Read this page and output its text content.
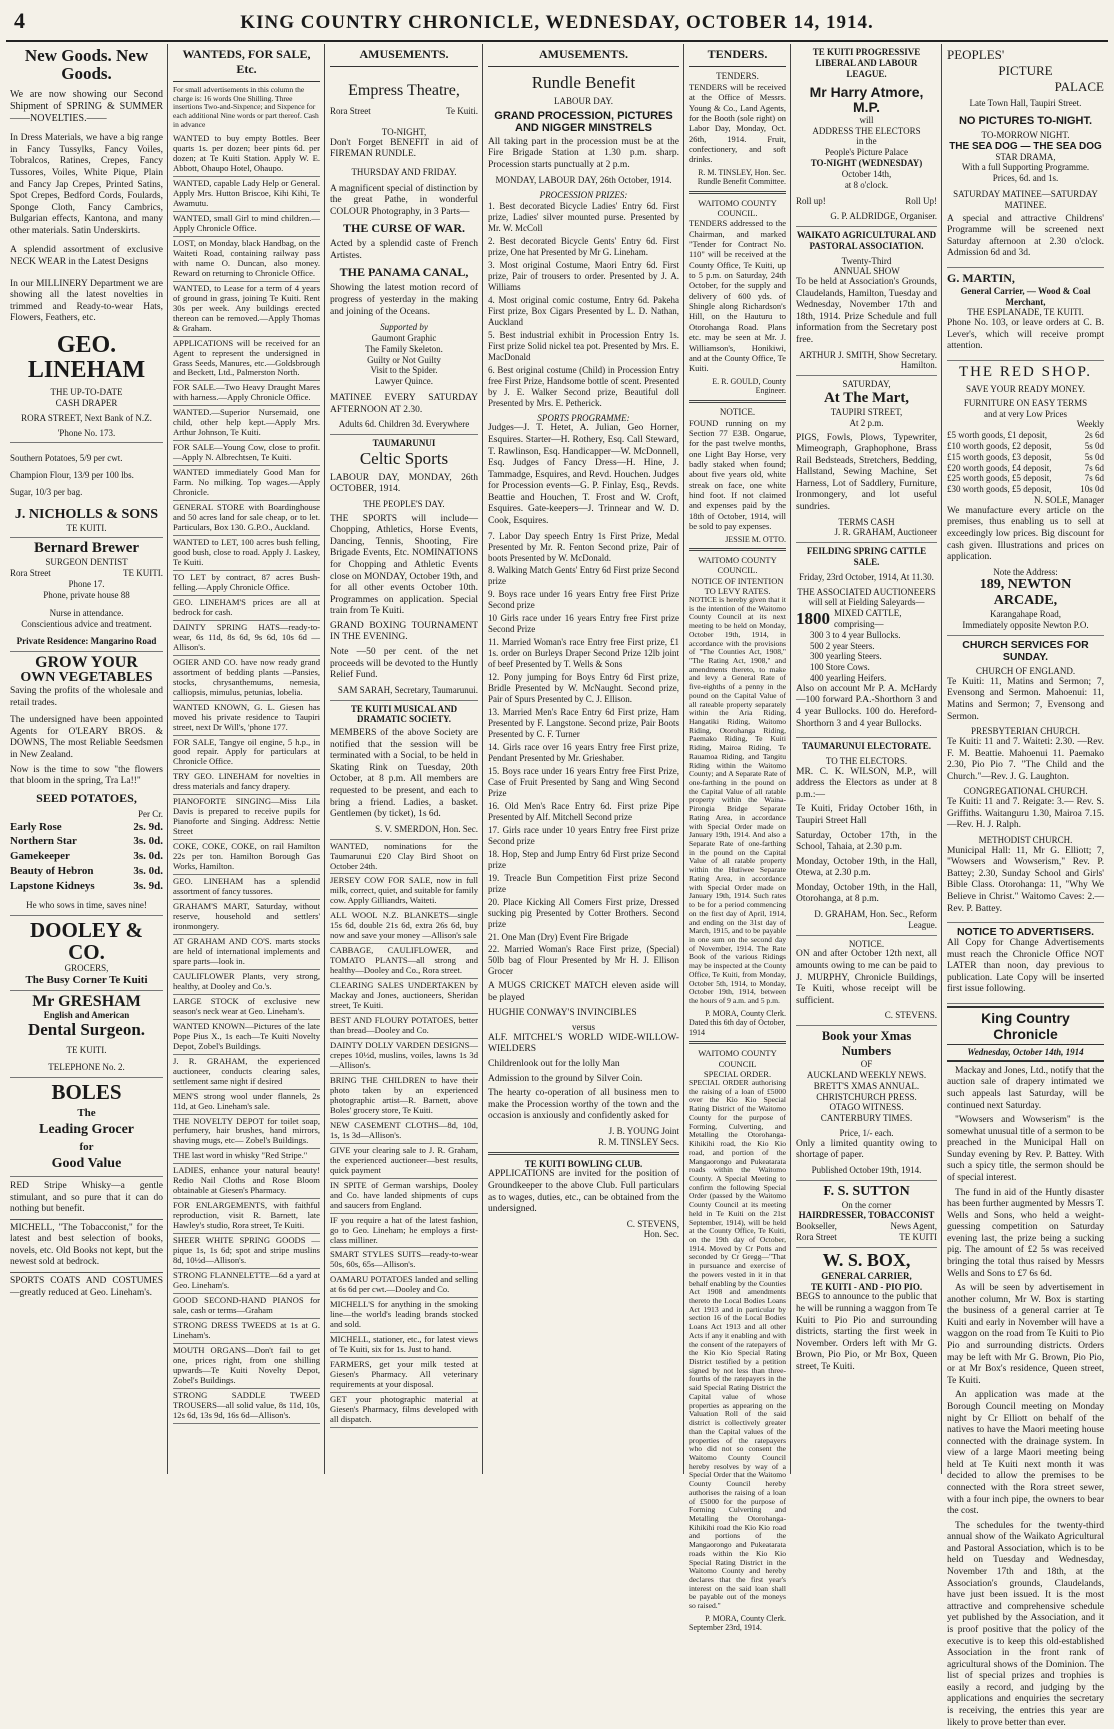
4	KING COUNTRY CHRONICLE, WEDNESDAY, OCTOBER 14, 1914.
New Goods. New Goods.
We are now showing our Second Shipment of SPRING & SUMMER ——NOVELTIES.——
In Dress Materials, we have a big range in Fancy Tussylks, Fancy Voiles, Tobralcos, Ratines, Crepes, Fancy Tussores, Voiles, White Pique, Plain and Fancy Jap Crepes, Printed Satins, Spot Crepes, Bedford Cords, Foulards, Sponge Cloth, Fancy Cambrics, Bulgarian effects, Kantona, and many other materials. Satin Underskirts.
A splendid assortment of exclusive NECK WEAR in the Latest Designs
In our MILLINERY Department we are showing all the latest novelties in trimmed and Ready-to-wear Hats, Flowers, Feathers, etc.
GEO. LINEHAM
THE UP-TO-DATE
CASH DRAPER
RORA STREET, Next Bank of N.Z.
'Phone No. 173.
Southern Potatoes, 5/9 per cwt.
Champion Flour, 13/9 per 100 lbs.
Sugar, 10/3 per bag.
J. NICHOLLS & SONS
TE KUITI.
Bernard Brewer
SURGEON DENTIST
Rora Street	TE KUITI.
Phone 17.
Phone, private house 88
Nurse in attendance.
Conscientious advice and treatment.
Private Residence: Mangarino Road
GROW YOUR
OWN VEGETABLES
Saving the profits of the wholesale and retail trades.
The undersigned have been appointed Agents for O'LEARY BROS. & DOWNS, The most Reliable Seedsmen in New Zealand.
Now is the time to sow "the flowers that bloom in the spring, Tra La!!"
SEED POTATOES,
Per Cr.
Early Rose	2s. 9d.
Northern Star	3s. 0d.
Gamekeeper	3s. 0d.
Beauty of Hebron	3s. 0d.
Lapstone Kidneys	3s. 9d.
He who sows in time, saves nine!
DOOLEY & CO.
GROCERS,
The Busy Corner Te Kuiti
Mr GRESHAM
English and American
Dental Surgeon.
TE KUITI.
TELEPHONE No. 2.
BOLES
The
Leading Grocer
for
Good Value
RED Stripe Whisky—a gentle stimulant, and so pure that it can do nothing but benefit.
MICHELL, "The Tobacconist," for the latest and best selection of books, novels, etc. Old Books not kept, but the newest sold at bedrock.
SPORTS COATS AND COSTUMES —greatly reduced at Geo. Lineham's.
WANTEDS, FOR SALE, Etc.
For small advertisements in this column the charge is: 16 words One Shilling. Three insertions Two-and-Sixpence; and Sixpence for each additional Nine words or part thereof. Cash in advance
WANTED to buy empty Bottles. Beer quarts 1s. per dozen; beer pints 6d. per dozen; at Te Kuiti Station. Apply W. E. Abbott, Ohaupo Hotel, Ohaupo.
WANTED, capable Lady Help or General. Apply Mrs. Hutton Briscoe, Kihi Kihi, Te Awamutu.
WANTED, small Girl to mind children.—Apply Chronicle Office.
LOST, on Monday, black Handbag, on the Waiteti Road, containing railway pass with name O. Duncan, also money. Reward on returning to Chronicle Office.
WANTED, to Lease for a term of 4 years of ground in grass, joining Te Kuiti. Rent 30s per week. Any buildings erected thereon can be removed.—Apply Thomas & Graham.
APPLICATIONS will be received for an Agent to represent the undersigned in Grass Seeds, Manures, etc.—Goldsbrough and Beckett, Ltd., Palmerston North.
FOR SALE.—Two Heavy Draught Mares with harness.—Apply Chronicle Office.
WANTED.—Superior Nursemaid, one child, other help kept.—Apply Mrs. Arthur Johnson, Te Kuiti.
FOR SALE—Young Cow, close to profit.—Apply N. Albrechtsen, Te Kuiti.
WANTED immediately Good Man for Farm. No milking. Top wages.—Apply Chronicle.
GENERAL STORE with Boardinghouse and 50 acres land for sale cheap, or to let. Particulars, Box 130. G.P.O., Auckland.
WANTED to LET, 100 acres bush felling, good bush, close to road. Apply J. Laskey, Te Kuiti.
TO LET by contract, 87 acres Bush-felling.—Apply Chronicle Office.
GEO. LINEHAM'S prices are all at bedrock for cash.
DAINTY SPRING HATS—ready-to-wear, 6s 11d, 8s 6d, 9s 6d, 10s 6d —Allison's.
OGIER AND CO. have now ready grand assortment of bedding plants —Pansies, stocks, chrysanthemums, nemesia, calliopsis, mimulus, petunias, lobelia.
WANTED KNOWN, G. L. Giesen has moved his private residence to Taupiri street, next Dr Will's, 'phone 177.
FOR SALE, Tangye oil engine, 5 h.p., in good repair. Apply for particulars at Chronicle Office.
TRY GEO. LINEHAM for novelties in dress materials and fancy drapery.
PIANOFORTE SINGING—Miss Lila Davis is prepared to receive pupils for Pianoforte and Singing. Address: Nettie Street
COKE, COKE, COKE, on rail Hamilton 22s per ton. Hamilton Borough Gas Works, Hamilton.
GEO. LINEHAM has a splendid assortment of fancy tussores.
GRAHAM'S MART, Saturday, without reserve, household and settlers' ironmongery.
AT GRAHAM AND CO'S. marts stocks are held of international implements and spare parts—look in.
CAULIFLOWER Plants, very strong, healthy, at Dooley and Co.'s.
LARGE STOCK of exclusive new season's neck wear at Geo. Lineham's.
WANTED KNOWN—Pictures of the late Pope Pius X., 1s each—Te Kuiti Novelty Depot, Zobel's Buildings.
J. R. GRAHAM, the experienced auctioneer, conducts clearing sales, settlement same night if desired
MEN'S strong wool under flannels, 2s 11d, at Geo. Lineham's sale.
THE NOVELTY DEPOT for toilet soap, perfumery, hair brushes, hand mirrors, shaving mugs, etc— Zobel's Buildings.
THE last word in whisky "Red Stripe."
LADIES, enhance your natural beauty! Redio Nail Cloths and Rose Bloom obtainable at Giesen's Pharmacy.
FOR ENLARGEMENTS, with faithful reproduction, visit R. Barnett, late Hawley's studio, Rora street, Te Kuiti.
SHEER WHITE SPRING GOODS —pique 1s, 1s 6d; spot and stripe muslins 8d, 10½d—Allison's.
STRONG FLANNELETTE—6d a yard at Geo. Lineham's.
GOOD SECOND-HAND PIANOS for sale, cash or terms—Graham
STRONG DRESS TWEEDS at 1s at G. Lineham's.
MOUTH ORGANS—Don't fail to get one, prices right, from one shilling upwards—Te Kuiti Novelty Depot, Zobel's Buildings.
STRONG SADDLE TWEED TROUSERS—all solid value, 8s 11d, 10s, 12s 6d, 13s 9d, 16s 6d—Allison's.
AMUSEMENTS.
Empress Theatre,
Rora Street	Te Kuiti.
TO-NIGHT,
Don't Forget BENEFIT in aid of FIREMAN RUNDLE.
THURSDAY AND FRIDAY.
A magnificent special of distinction by the great Pathe, in wonderful COLOUR Photography, in 3 Parts—
THE CURSE OF WAR.
Acted by a splendid caste of French Artistes.
THE PANAMA CANAL,
Showing the latest motion record of progress of yesterday in the making and joining of the Oceans.
Supported by
Gaumont Graphic
The Family Skeleton.
Guilty or Not Guilty
Visit to the Spider.
Lawyer Quince.
MATINEE EVERY SATURDAY AFTERNOON AT 2.30.
Adults 6d. Children 3d. Everywhere
TAUMARUNUI
Celtic Sports
LABOUR DAY, MONDAY, 26th OCTOBER, 1914.
THE PEOPLE'S DAY.
THE SPORTS will include—Chopping, Athletics, Horse Events, Dancing, Tennis, Shooting, Fire Brigade Events, Etc. NOMINATIONS for Chopping and Athletic Events close on MONDAY, October 19th, and for all other events October 10th. Programmes on application. Special train from Te Kuiti.
GRAND BOXING TOURNAMENT IN THE EVENING.
Note —50 per cent. of the net proceeds will be devoted to the Huntly Relief Fund.
SAM SARAH, Secretary, Taumarunui.
TE KUITI MUSICAL AND DRAMATIC SOCIETY.
MEMBERS of the above Society are notified that the session will be terminated with a Social, to be held in Skating Rink on Tuesday, 20th October, at 8 p.m. All members are requested to be present, and each to bring a friend. Ladies, a basket. Gentlemen (by ticket), 1s 6d.
S. V. SMERDON, Hon. Sec.
WANTED, nominations for the Taumarunui £20 Clay Bird Shoot on October 24th.
JERSEY COW FOR SALE, now in full milk, correct, quiet, and suitable for family cow. Apply Gilliandrs, Waiteti.
ALL WOOL N.Z. BLANKETS—single 15s 6d, double 21s 6d, extra 26s 6d, buy now and save your money —Allison's sale
CABBAGE, CAULIFLOWER, and TOMATO PLANTS—all strong and healthy—Dooley and Co., Rora street.
CLEARING SALES UNDERTAKEN by Mackay and Jones, auctioneers, Sheridan street, Te Kuiti.
BEST AND FLOURY POTATOES, better than bread—Dooley and Co.
DAINTY DOLLY VARDEN DESIGNS—crepes 10½d, muslins, voiles, lawns 1s 3d—Allison's.
BRING THE CHILDREN to have their photo taken by an experienced photographic artist—R. Barnett, above Boles' grocery store, Te Kuiti.
NEW CASEMENT CLOTHS—8d, 10d, 1s, 1s 3d—Allison's.
GIVE your clearing sale to J. R. Graham, the experienced auctioneer—best results, quick payment
IN SPITE of German warships, Dooley and Co. have landed shipments of cups and saucers from England.
IF you require a hat of the latest fashion, go to Geo. Lineham; he employs a first-class milliner.
SMART STYLES SUITS—ready-to-wear 50s, 60s, 65s—Allison's.
OAMARU POTATOES landed and selling at 6s 6d per cwt.—Dooley and Co.
MICHELL'S for anything in the smoking line—the world's leading brands stocked and sold.
MICHELL, stationer, etc., for latest views of Te Kuiti, six for 1s. Just to hand.
FARMERS, get your milk tested at Giesen's Pharmacy. All veterinary requirements at your disposal.
GET your photographic material at Giesen's Pharmacy, films developed with all dispatch.
AMUSEMENTS.
Rundle Benefit
LABOUR DAY.
GRAND PROCESSION, PICTURES AND NIGGER MINSTRELS
All taking part in the procession must be at the Fire Brigade Station at 1.30 p.m. sharp. Procession starts punctually at 2 p.m.
MONDAY, LABOUR DAY, 26th October, 1914.
PROCESSION PRIZES:
1. Best decorated Bicycle Ladies' Entry 6d. First prize, Ladies' silver mounted purse. Presented by Mr. W. McColl
2. Best decorated Bicycle Gents' Entry 6d. First prize, One hat Presented by Mr G. Lineham.
3. Most original Costume, Maori Entry 6d. First prize, Pair of trousers to order. Presented by J. A. Williams
4. Most original comic costume, Entry 6d. Pakeha First prize, Box Cigars Presented by L. D. Nathan, Auckland
5. Best industrial exhibit in Procession Entry 1s. First prize Solid nickel tea pot. Presented by Mrs. E. MacDonald
6. Best original costume (Child) in Procession Entry free First Prize, Handsome bottle of scent. Presented by J. E. Walker Second prize, Beautiful doll Presented by Mrs. E. Petherick.
SPORTS PROGRAMME:
Judges—J. T. Hetet, A. Julian, Geo Horner, Esquires. Starter—H. Rothery, Esq. Call Steward, T. Rawlinson, Esq. Handicapper—W. McDonnell, Esq. Judges of Fancy Dress—H. Hine, J. Tammadge, Esquires, and Revd. Houchen. Judges for Procession events—G. P. Finlay, Esq., Revds. Beattie and Houchen, T. Frost and W. Croft, Esquires. Gate-keepers—J. Trinnear and W. D. Cook, Esquires.
7. Labor Day speech Entry 1s First Prize, Medal Presented by Mr. R. Fenton Second prize, Pair of boots Presented by W. McDonald.
8. Walking Match Gents' Entry 6d First prize Second prize
9. Boys race under 16 years Entry free First Prize Second prize
10 Girls race under 16 years Entry free First prize Second Prize
11. Married Woman's race Entry free First prize, £1 1s. order on Burleys Draper Second Prize 12lb joint of beef Presented by T. Wells & Sons
12. Pony jumping for Boys Entry 6d First prize, Bridle Presented by W. McNaught. Second prize, Pair of Spurs Presented by C. J. Ellison.
13. Married Men's Race Entry 6d First prize, Ham Presented by F. Langstone. Second prize, Pair Boots Presented by C. F. Turner
14. Girls race over 16 years Entry free First prize, Pendant Presented by Mr. Grieshaber.
15. Boys race under 16 years Entry free First Prize, Case of Fruit Presented by Sang and Wing Second Prize
16. Old Men's Race Entry 6d. First prize Pipe Presented by Alf. Mitchell Second prize
17. Girls race under 10 years Entry free First prize Second prize
18. Hop, Step and Jump Entry 6d First prize Second prize
19. Treacle Bun Competition First prize Second prize
20. Place Kicking All Comers First prize, Dressed sucking pig Presented by Cotter Brothers. Second prize
21. One Man (Dry) Event Fire Brigade
22. Married Woman's Race First prize, (Special) 50lb bag of Flour Presented by Mr H. J. Ellison Grocer
A MUGS CRICKET MATCH eleven aside will be played
HUGHIE CONWAY'S INVINCIBLES
versus
ALF. MITCHEL'S WORLD WIDE-WILLOW-WIELDERS
Childrenlook out for the lolly Man
Admission to the ground by Silver Coin.
The hearty co-operation of all business men to make the Procession worthy of the town and the occasion is anxiously and confidently asked for
J. B. YOUNG Joint
R. M. TINSLEY Secs.
TE KUITI BOWLING CLUB.
APPLICATIONS are invited for the position of Groundkeeper to the above Club. Full particulars as to wages, duties, etc., can be obtained from the undersigned.
C. STEVENS,
Hon. Sec.
TENDERS.
TENDERS.
TENDERS will be received at the Office of Messrs. Young & Co., Land Agents, for the Booth (sole right) on Labor Day, Monday, Oct. 26th, 1914. Fruit, confectionery, and soft drinks.
R. M. TINSLEY, Hon. Sec. Rundle Benefit Committee.
WAITOMO COUNTY COUNCIL.
TENDERS addressed to the Chairman, and marked "Tender for Contract No. 110" will be received at the County Office, Te Kuiti, up to 5 p.m. on Saturday, 24th October, for the supply and delivery of 600 yds. of Shingle along Richardson's Hill, on the Hauturu to Otorohanga Road. Plans etc. may be seen at Mr. J. Williamson's, Honikiwi, and at the County Office, Te Kuiti.
E. R. GOULD, County Engineer.
NOTICE.
FOUND running on my Section 77 E3B. Ongarue, for the past twelve months, one Light Bay Horse, very badly staked when found; about five years old, white streak on face, one white hind foot. If not claimed and expenses paid by the 18th of October, 1914, will be sold to pay expenses.
JESSIE M. OTTO.
WAITOMO COUNTY COUNCIL.
NOTICE OF INTENTION TO LEVY RATES.
NOTICE is hereby given that it is the intention of the Waitomo County Council at its next meeting to be held on Monday, October 19th, 1914, in accordance with the provisions of "The Counties Act, 1908," "The Rating Act, 1908," and amendments thereto, to make and levy a General Rate of five-eighths of a penny in the pound on the Capital Value of all rateable property separately within the Aria Riding, Hangatiki Riding, Waitomo Riding, Otorohanga Riding, Paemako Riding, Te Kuiti Riding, Mairoa Riding, Te Rauamoa Riding, and Tangitu Riding within the Waitomo County; and A Separate Rate of one-farthing in the pound on the Capital Value of all ratable property within the Waina-Pirongia Bridge Separate Rating Area, in accordance with Special Order made on January 19th, 1914. And also a Separate Rate of one-farthing in the pound on the Capital Value of all ratable property within the Hutiwee Separate Rating Area, in accordance with Special Order made on January 19th, 1914. Such rates to be for a period commencing on the first day of April, 1914, and ending on the 31st day of March, 1915, and to be payable in one sum on the second day of November, 1914. The Rate Book of the various Ridings may be inspected at the County Office, Te Kuiti, from Monday, October 5th, 1914, to Monday, October 19th, 1914, between the hours of 9 a.m. and 5 p.m.
P. MORA, County Clerk.
Dated this 6th day of October, 1914
WAITOMO COUNTY COUNCIL
SPECIAL ORDER.
SPECIAL ORDER authorising the raising of a loan of £5000 over the Kio Kio Special Rating District of the Waitomo County for the purpose of Forming, Culverting, and Metalling the Otorohanga-Kihikihi road, the Kio Kio road, and portion of the Mangaorongo and Pukeatarata roads within the Waitomo County. A Special Meeting to confirm the following Special Order (passed by the Waitomo County Council at its meeting held in Te Kuiti on the 21st September, 1914), will be held at the County Office, Te Kuiti, on the 19th day of October, 1914. Moved by Cr Potts and seconded by Cr Gregg—"That in pursuance and exercise of the powers vested in it in that behalf enabling by the Counties Act 1908 and amendments thereto the Local Bodies Loans Act 1913 and in particular by section 16 of the Local Bodies Loans Act 1913 and all other Acts if any it enabling and with the consent of the ratepayers of the Kio Kio Special Rating District testified by a petition signed by not less than three-fourths of the ratepayers in the said Special Rating District the Capital value of whose properties as appearing on the Valuation Roll of the said district is collectively greater than the Capital values of the properties of the ratepayers who did not so consent the Waitomo County Council hereby resolves by way of a Special Order that the Waitomo County Council hereby authorises the raising of a loan of £5000 for the purpose of Forming Culverting and Metalling the Otorohanga-Kihikihi road the Kio Kio road and portions of the Mangaorongo and Pukeatarata roads within the Kio Kio Special Rating District in the Waitomo County and hereby declares that the first year's interest on the said loan shall be payable out of the moneys so raised."
P. MORA, County Clerk.
September 23rd, 1914.
TE KUITI PROGRESSIVE LIBERAL AND LABOUR LEAGUE.
Mr Harry Atmore, M.P.
will
ADDRESS THE ELECTORS
in the
People's Picture Palace
TO-NIGHT (WEDNESDAY)
October 14th,
at 8 o'clock.
Roll up!	Roll Up!
G. P. ALDRIDGE, Organiser.
WAIKATO AGRICULTURAL AND PASTORAL ASSOCIATION.
Twenty-Third
ANNUAL SHOW
To be held at Association's Grounds, Claudelands, Hamilton, Tuesday and Wednesday, November 17th and 18th, 1914. Prize Schedule and full information from the Secretary post free.
ARTHUR J. SMITH, Show Secretary. Hamilton.
SATURDAY,
At The Mart,
TAUPIRI STREET,
At 2 p.m.
PIGS, Fowls, Plows, Typewriter, Mimeograph, Graphophone, Brass Rail Bedsteads, Stretchers, Bedding, Hallstand, Sewing Machine, Set Harness, Lot of Saddlery, Furniture, Ironmongery, and lot useful sundries.
TERMS CASH
J. R. GRAHAM, Auctioneer
FEILDING SPRING CATTLE SALE.
Friday, 23rd October, 1914, At 11.30.
THE ASSOCIATED AUCTIONEERS
will sell at Fielding Saleyards—
1800 MIXED CATTLE, comprising—
300 3 to 4 year Bullocks.
500 2 year Steers.
300 yearling Steers.
100 Store Cows.
400 yearling Heifers.
Also on account Mr P. A. McHardy—100 forward P.A.-Shorthorn 3 and 4 year Bullocks. 100 do. Hereford-Shorthorn 3 and 4 year Bullocks.
TAUMARUNUI ELECTORATE.
TO THE ELECTORS.
MR. C. K. WILSON, M.P., will address the Electors as under at 8 p.m.:—
Te Kuiti, Friday October 16th, in Taupiri Street Hall
Saturday, October 17th, in the School, Tahaia, at 2.30 p.m.
Monday, October 19th, in the Hall, Otewa, at 2.30 p.m.
Monday, October 19th, in the Hall, Otorohanga, at 8 p.m.
D. GRAHAM, Hon. Sec., Reform League.
NOTICE.
ON and after October 12th next, all amounts owing to me can be paid to J. MURPHY, Chronicle Buildings, Te Kuiti, whose receipt will be sufficient.
C. STEVENS.
Book your Xmas Numbers
OF
AUCKLAND WEEKLY NEWS.
BRETT'S XMAS ANNUAL.
CHRISTCHURCH PRESS.
OTAGO WITNESS.
CANTERBURY TIMES.
Price, 1/- each.
Only a limited quantity owing to shortage of paper.
Published October 19th, 1914.
F. S. SUTTON
On the corner
HAIRDRESSER, TOBACCONIST
Bookseller,	News Agent,
Rora Street	TE KUITI
W. S. BOX,
GENERAL CARRIER,
TE KUITI - AND - PIO PIO.
BEGS to announce to the public that he will be running a waggon from Te Kuiti to Pio Pio and surrounding districts, starting the first week in November. Orders left with Mr G. Brown, Pio Pio, or Mr Box, Queen street, Te Kuiti.
PEOPLES'
PICTURE
PALACE
Late Town Hall, Taupiri Street.
NO PICTURES TO-NIGHT.
TO-MORROW NIGHT.
THE SEA DOG — THE SEA DOG
STAR DRAMA,
With a full Supporting Programme.
Prices, 6d. and 1s.
SATURDAY MATINEE—SATURDAY MATINEE.
A special and attractive Childrens' Programme will be screened next Saturday afternoon at 2.30 o'clock. Admission 6d and 3d.
G. MARTIN,
General Carrier, — Wood & Coal Merchant,
THE ESPLANADE, TE KUITI.
Phone No. 103, or leave orders at C. B. Lever's, which will receive prompt attention.
THE RED SHOP.
SAVE YOUR READY MONEY.
FURNITURE ON EASY TERMS
and at very Low Prices
Weekly
£5 worth goods, £1 deposit,	2s 6d
£10 worth goods, £2 deposit,	5s 0d
£15 worth goods, £3 deposit,	5s 0d
£20 worth goods, £4 deposit,	7s 6d
£25 worth goods, £5 deposit,	7s 6d
£30 worth goods, £5 deposit,	10s 0d
N. SOLE, Manager
We manufacture every article on the premises, thus enabling us to sell at exceedingly low prices. Big discount for cash given. Illustrations and prices on application.
Note the Address:
189, NEWTON ARCADE,
Karangahape Road,
Immediately opposite Newton P.O.
CHURCH SERVICES FOR SUNDAY.
CHURCH OF ENGLAND.
Te Kuiti: 11, Matins and Sermon; 7, Evensong and Sermon. Mahoenui: 11, Matins and Sermon; 7, Evensong and Sermon.
PRESBYTERIAN CHURCH.
Te Kuiti: 11 and 7. Waiteti: 2.30. —Rev. F. M. Beattie. Mahoenui 11. Paemako 2.30, Pio Pio 7. "The Child and the Church."—Rev. J. G. Laughton.
CONGREGATIONAL CHURCH.
Te Kuiti: 11 and 7. Reigate: 3.— Rev. S. Griffiths. Waitanguru 1.30, Mairoa 7.15.—Rev. H. J. Ralph.
METHODIST CHURCH.
Municipal Hall: 11, Mr G. Elliott; 7, "Wowsers and Wowserism," Rev. P. Battey; 2.30, Sunday School and Girls' Bible Class. Otorohanga: 11, "Why We Believe in Christ." Waitomo Caves: 2.—Rev. P. Battey.
NOTICE TO ADVERTISERS.
All Copy for Change Advertisements must reach the Chronicle Office NOT LATER than noon, day previous to publication. Late Copy will be inserted first issue following.
King Country Chronicle
Wednesday, October 14th, 1914
Mackay and Jones, Ltd., notify that the auction sale of drapery intimated we such appeals last Saturday, will be continued next Saturday.
"Wowsers and Wowserism" is the somewhat unusual title of a sermon to be preached in the Municipal Hall on Sunday evening by Rev. P. Battey. With such a spicy title, the sermon should be of special interest.
The fund in aid of the Huntly disaster has been further augmented by Messrs T. Wells and Sons, who held a weight-guessing competition on Saturday evening last, the prize being a sucking pig. The amount of £2 5s was received bringing the total thus raised by Messrs Wells and Sons to £7 6s 6d.
As will be seen by advertisement in another column, Mr W. Box is starting the business of a general carrier at Te Kuiti and early in November will have a waggon on the road from Te Kuiti to Pio Pio and surrounding districts. Orders may be left with Mr G. Brown, Pio Pio, or at Mr Box's residence, Queen street, Te Kuiti.
An application was made at the Borough Council meeting on Monday night by Cr Elliott on behalf of the natives to have the Maori meeting house connected with the drainage system. In view of a large Maori meeting being held at Te Kuiti next month it was decided to allow the premises to be connected with the Rora street sewer, with a four inch pipe, the owners to bear the cost.
The schedules for the twenty-third annual show of the Waikato Agricultural and Pastoral Association, which is to be held on Tuesday and Wednesday, November 17th and 18th, at the Association's grounds, Claudelands, have just been issued. It is the most attractive and comprehensive schedule yet published by the Association, and it is proof positive that the policy of the executive is to keep this old-established Association in the front rank of agricultural shows of the Dominion. The list of special prizes and trophies is easily a record, and judging by the applications and enquiries the secretary is receiving, the entries this year are likely to prove better than ever.
